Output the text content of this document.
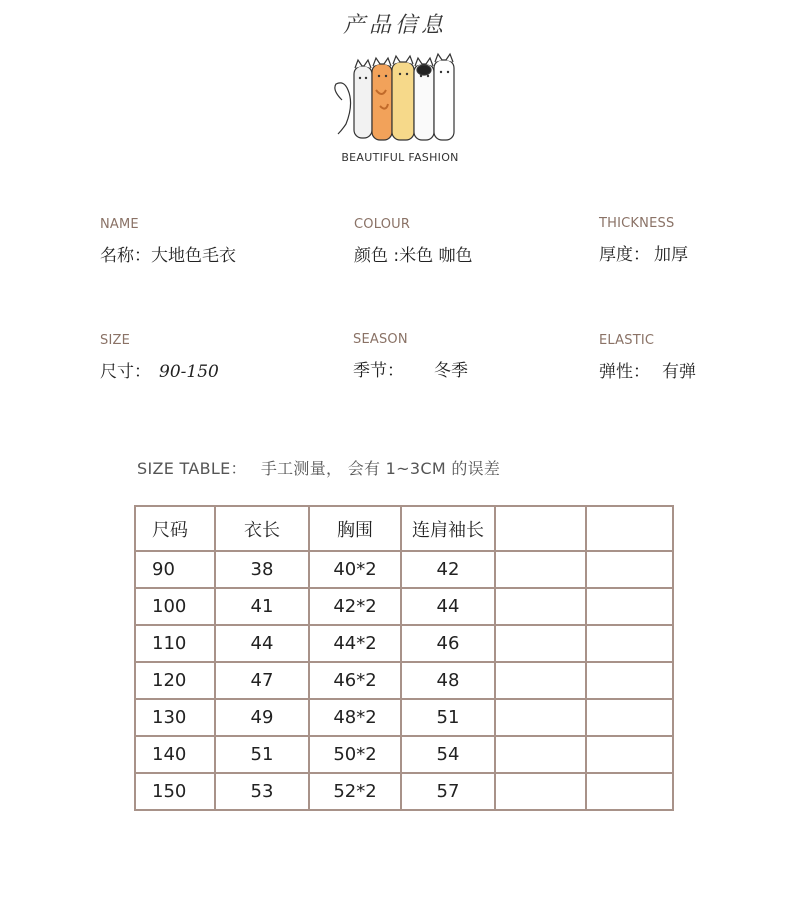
产品信息
BEAUTIFUL FASHION
NAME
名称：大地色毛衣
COLOUR
颜色 :米色 咖色
THICKNESS
厚度： 加厚
SIZE
尺寸： 90-150
SEASON
季节： 冬季
ELASTIC
弹性： 有弹
SIZE TABLE： 手工测量， 会有 1~3CM 的误差
尺码	衣长	胸围	连肩袖长		
90	38	40*2	42		
100	41	42*2	44		
110	44	44*2	46		
120	47	46*2	48		
130	49	48*2	51		
140	51	50*2	54		
150	53	52*2	57		
